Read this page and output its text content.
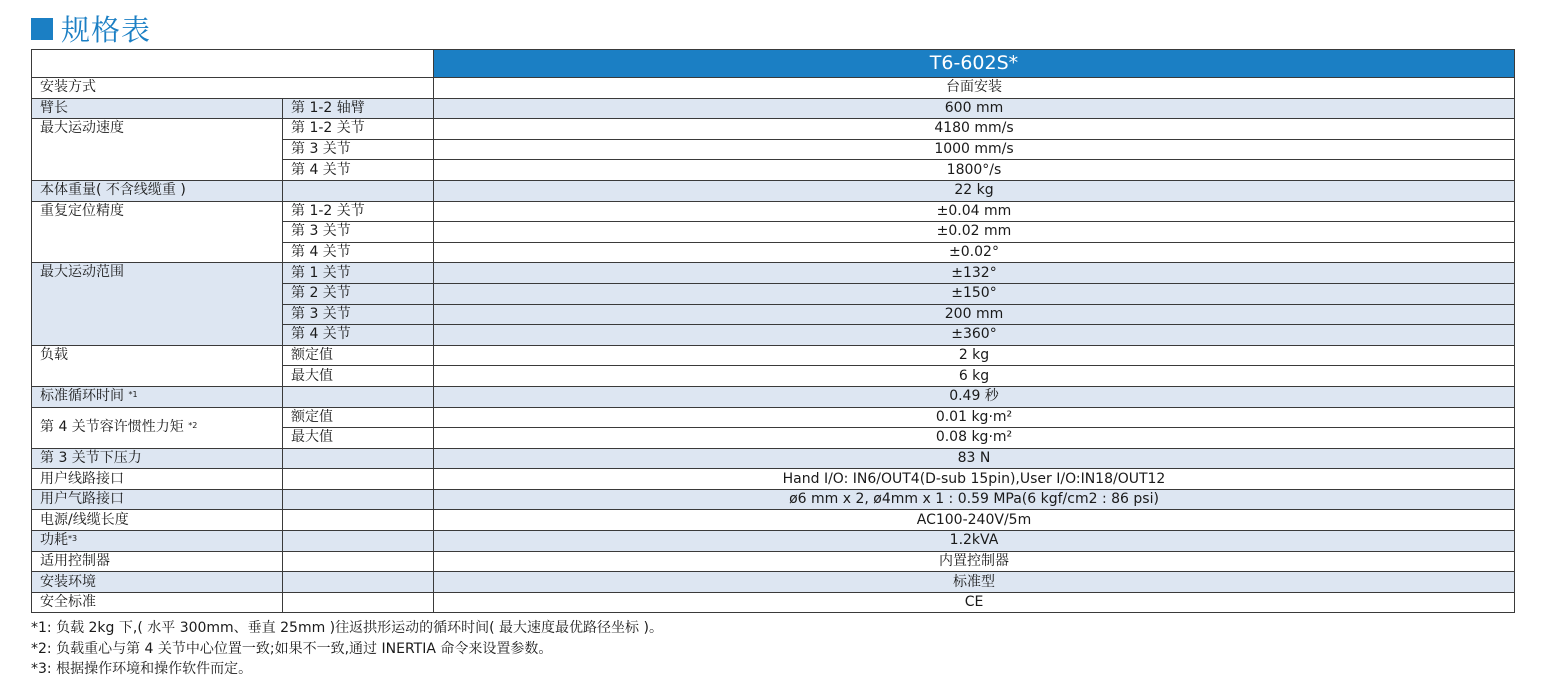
规格表
		T6-602S*
安装方式		台面安装
臂长	第 1-2 轴臂	600 mm
最大运动速度	第 1-2 关节	4180 mm/s
	第 3 关节	1000 mm/s
	第 4 关节	1800°/s
本体重量( 不含线缆重 )		22 kg
重复定位精度	第 1-2 关节	±0.04 mm
	第 3 关节	±0.02 mm
	第 4 关节	±0.02°
最大运动范围	第 1 关节	±132°
	第 2 关节	±150°
	第 3 关节	200 mm
	第 4 关节	±360°
负载	额定值	2 kg
	最大值	6 kg
标准循环时间 $^{*1}$		0.49 秒
第 4 关节容许惯性力矩 $^{*2}$	额定值	0.01 kg·m²
	最大值	0.08 kg·m²
第 3 关节下压力		83 N
用户线路接口		Hand I/O: IN6/OUT4(D-sub 15pin),User I/O:IN18/OUT12
用户气路接口		ø6 mm x 2, ø4mm x 1 : 0.59 MPa(6 kgf/cm2 : 86 psi)
电源/线缆长度		AC100-240V/5m
功耗$^{*3}$		1.2kVA
适用控制器		内置控制器
安装环境		标准型
安全标准		CE
*1: 负载 2kg 下,( 水平 300mm、垂直 25mm )往返拱形运动的循环时间( 最大速度最优路径坐标 )。
*2: 负载重心与第 4 关节中心位置一致;如果不一致,通过 INERTIA 命令来设置参数。
*3: 根据操作环境和操作软件而定。
